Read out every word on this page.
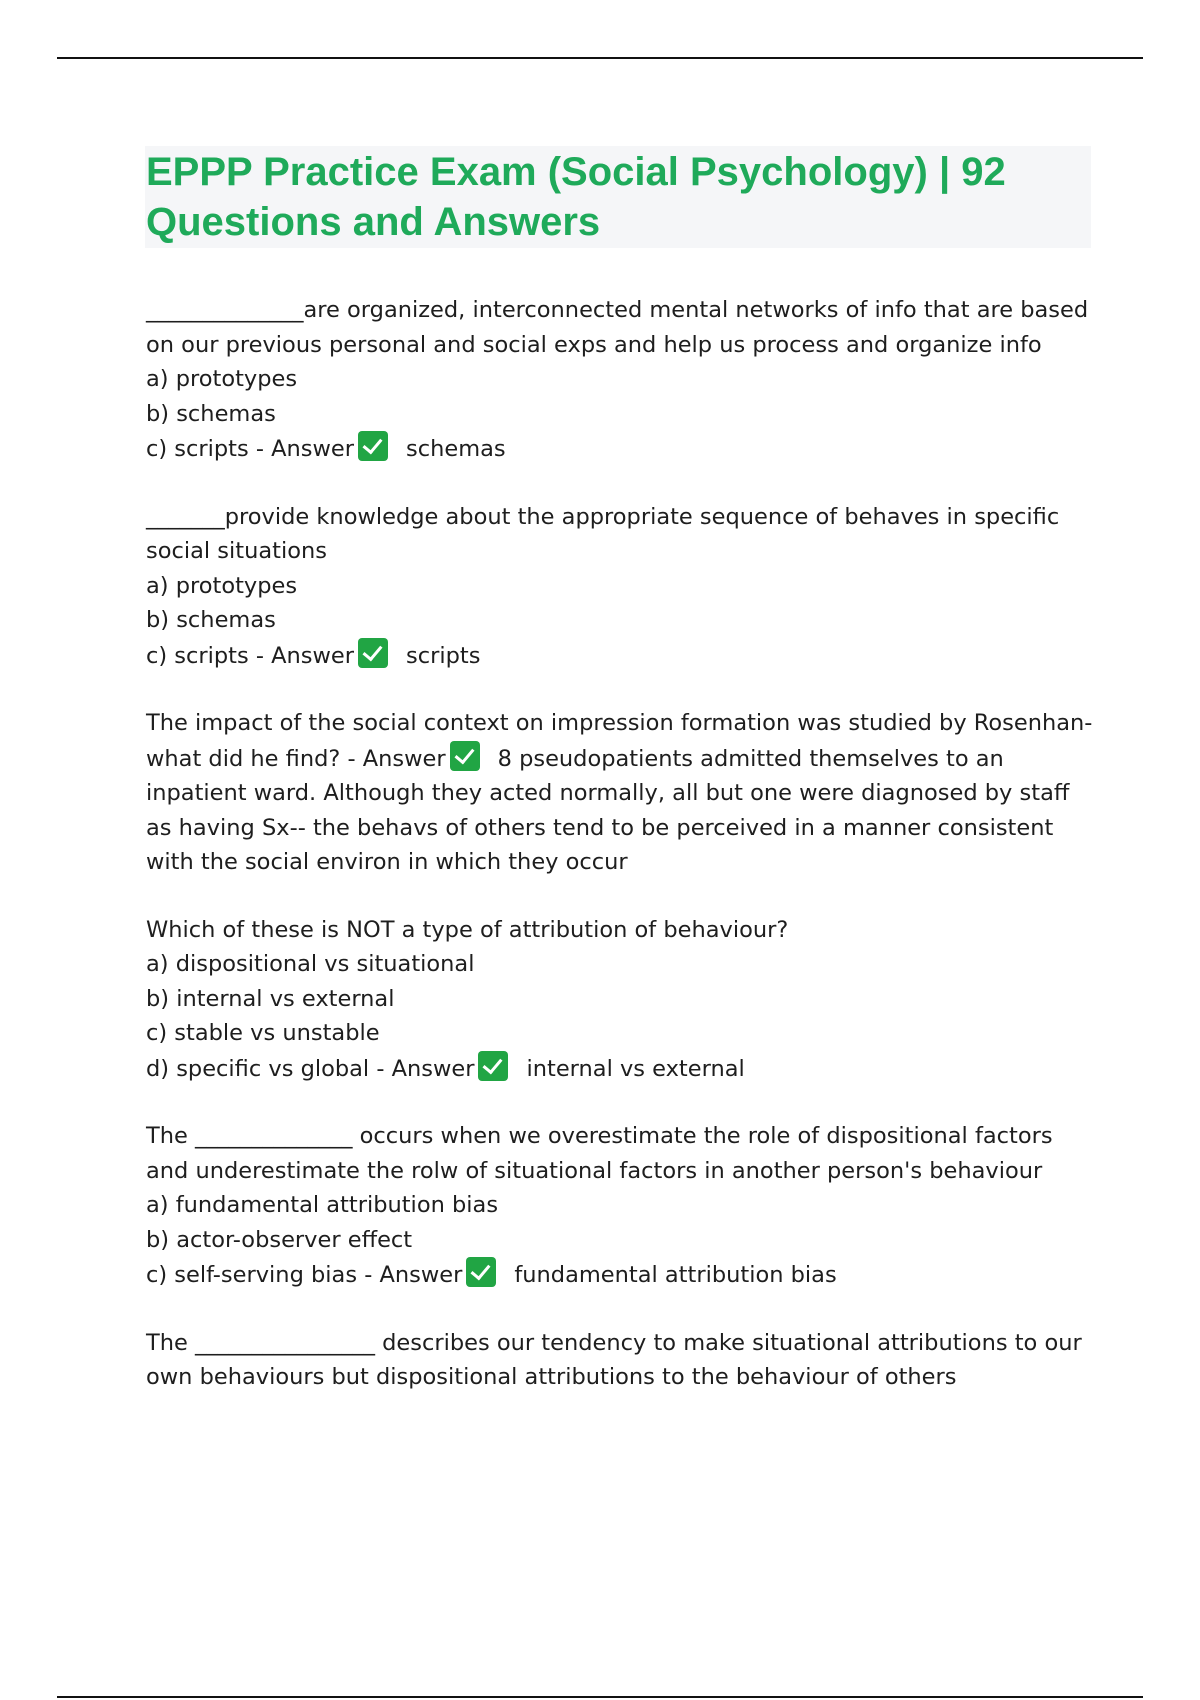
EPPP Practice Exam (Social Psychology) | 92 Questions and Answers
______________are organized, interconnected mental networks of info that are based on our previous personal and social exps and help us process and organize info
a) prototypes
b) schemas
c) scripts - Answer schemas
_______provide knowledge about the appropriate sequence of behaves in specific social situations
a) prototypes
b) schemas
c) scripts - Answer scripts
The impact of the social context on impression formation was studied by Rosenhan-what did he find? - Answer 8 pseudopatients admitted themselves to an inpatient ward. Although they acted normally, all but one were diagnosed by staff as having Sx-- the behavs of others tend to be perceived in a manner consistent with the social environ in which they occur
Which of these is NOT a type of attribution of behaviour?
a) dispositional vs situational
b) internal vs external
c) stable vs unstable
d) specific vs global - Answer internal vs external
The ______________ occurs when we overestimate the role of dispositional factors and underestimate the rolw of situational factors in another person's behaviour
a) fundamental attribution bias
b) actor-observer effect
c) self-serving bias - Answer fundamental attribution bias
The ________________ describes our tendency to make situational attributions to our own behaviours but dispositional attributions to the behaviour of others
